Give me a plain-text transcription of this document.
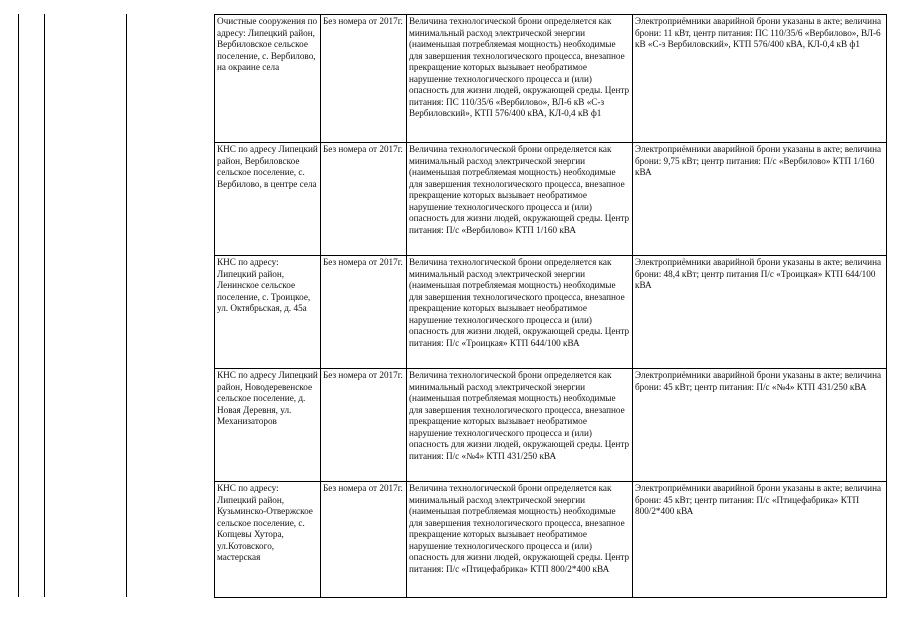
Очистные сооружения по адресу: Липецкий район, Вербиловское сельское поселение, с. Вербилово, на окраине села	Без номера от 2017г.	Величина технологической брони определяется как минимальный расход электрической энергии (наименьшая потребляемая мощность) необходимые для завершения технологического процесса, внезапное прекращение которых вызывает необратимое нарушение технологического процесса и (или) опасность для жизни людей, окружающей среды. Центр питания: ПС 110/35/6 «Вербилово», ВЛ-6 кВ «С-з Вербиловский», КТП 576/400 кВА, КЛ-0,4 кВ ф1	Электроприёмники аварийной брони указаны в акте; величина брони: 11 кВт, центр питания: ПС 110/35/6 «Вербилово», ВЛ-6 кВ «С-з Вербиловский», КТП 576/400 кВА, КЛ-0,4 кВ ф1
КНС по адресу Липецкий район, Вербиловское сельское поселение, с. Вербилово, в центре села	Без номера от 2017г.	Величина технологической брони определяется как минимальный расход электрической энергии (наименьшая потребляемая мощность) необходимые для завершения технологического процесса, внезапное прекращение которых вызывает необратимое нарушение технологического процесса и (или) опасность для жизни людей, окружающей среды. Центр питания: П/с «Вербилово» КТП 1/160 кВА	Электроприёмники аварийной брони указаны в акте; величина брони: 9,75 кВт; центр питания: П/с «Вербилово» КТП 1/160 кВА
КНС по адресу: Липецкий район, Ленинское сельское поселение, с. Троицкое, ул. Октябрьская, д. 45а	Без номера от 2017г.	Величина технологической брони определяется как минимальный расход электрической энергии (наименьшая потребляемая мощность) необходимые для завершения технологического процесса, внезапное прекращение которых вызывает необратимое нарушение технологического процесса и (или) опасность для жизни людей, окружающей среды. Центр питания: П/с «Троицкая» КТП 644/100 кВА	Электроприёмники аварийной брони указаны в акте; величина брони: 48,4 кВт; центр питания П/с «Троицкая» КТП 644/100 кВА
КНС по адресу Липецкий район, Новодеревенское сельское поселение, д. Новая Деревня, ул. Механизаторов	Без номера от 2017г.	Величина технологической брони определяется как минимальный расход электрической энергии (наименьшая потребляемая мощность) необходимые для завершения технологического процесса, внезапное прекращение которых вызывает необратимое нарушение технологического процесса и (или) опасность для жизни людей, окружающей среды. Центр питания: П/с «№4» КТП 431/250 кВА	Электроприёмники аварийной брони указаны в акте; величина брони: 45 кВт; центр питания: П/с «№4» КТП 431/250 кВА
КНС по адресу: Липецкий район, Кузьминско-Отвержское сельское поселение, с. Копцевы Хутора, ул.Котовского, мастерская	Без номера от 2017г.	Величина технологической брони определяется как минимальный расход электрической энергии (наименьшая потребляемая мощность) необходимые для завершения технологического процесса, внезапное прекращение которых вызывает необратимое нарушение технологического процесса и (или) опасность для жизни людей, окружающей среды. Центр питания: П/с «Птицефабрика» КТП 800/2*400 кВА	Электроприёмники аварийной брони указаны в акте; величина брони: 45 кВт; центр питания: П/с «Птицефабрика» КТП 800/2*400 кВА
